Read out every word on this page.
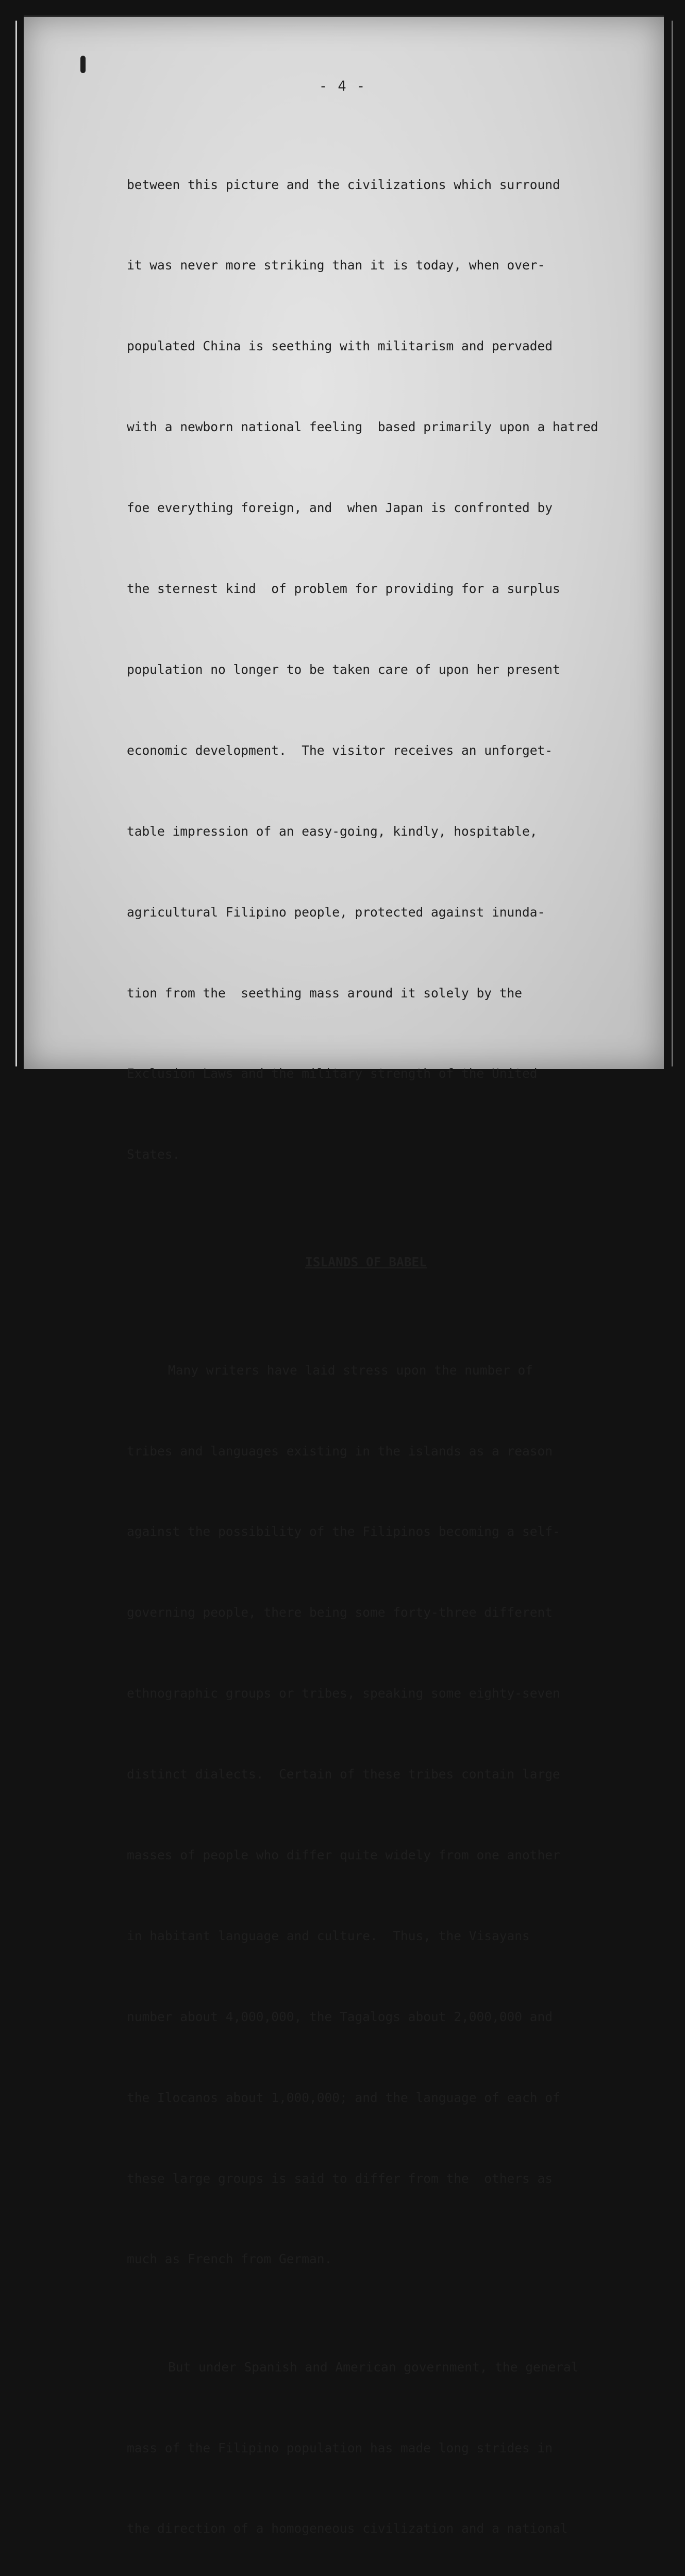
- 4 -

between this picture and the civilizations which surround

it was never more striking than it is today, when over-

populated China is seething with militarism and pervaded

with a newborn national feeling  based primarily upon a hatred

foe everything foreign, and  when Japan is confronted by

the sternest kind  of problem for providing for a surplus

population no longer to be taken care of upon her present

economic development.  The visitor receives an unforget-

table impression of an easy-going, kindly, hospitable,

agricultural Filipino people, protected against inunda-

tion from the  seething mass around it solely by the

Exclusion Laws and the military strength of the United

States.

ISLANDS OF BABEL

Many writers have laid stress upon the number of

tribes and languages existing in the islands as a reason

against the possibility of the Filipinos becoming a self-

governing people, there being some forty-three different

ethnographic groups or tribes, speaking some eighty-seven

distinct dialects.  Certain of these tribes contain large

masses of people who differ quite widely from one another

in habitant language and culture.  Thus, the Visayans

number about 4,000,000, the Tagalogs about 2,000,000 and

the Ilocanos about 1,000,000; and the language of each of

these large groups is said to differ from the  others as

much as French from German.

But under Spanish and American government, the general

mass of the Filipino population has made long strides in

the direction of a homogeneous civilization and a national
